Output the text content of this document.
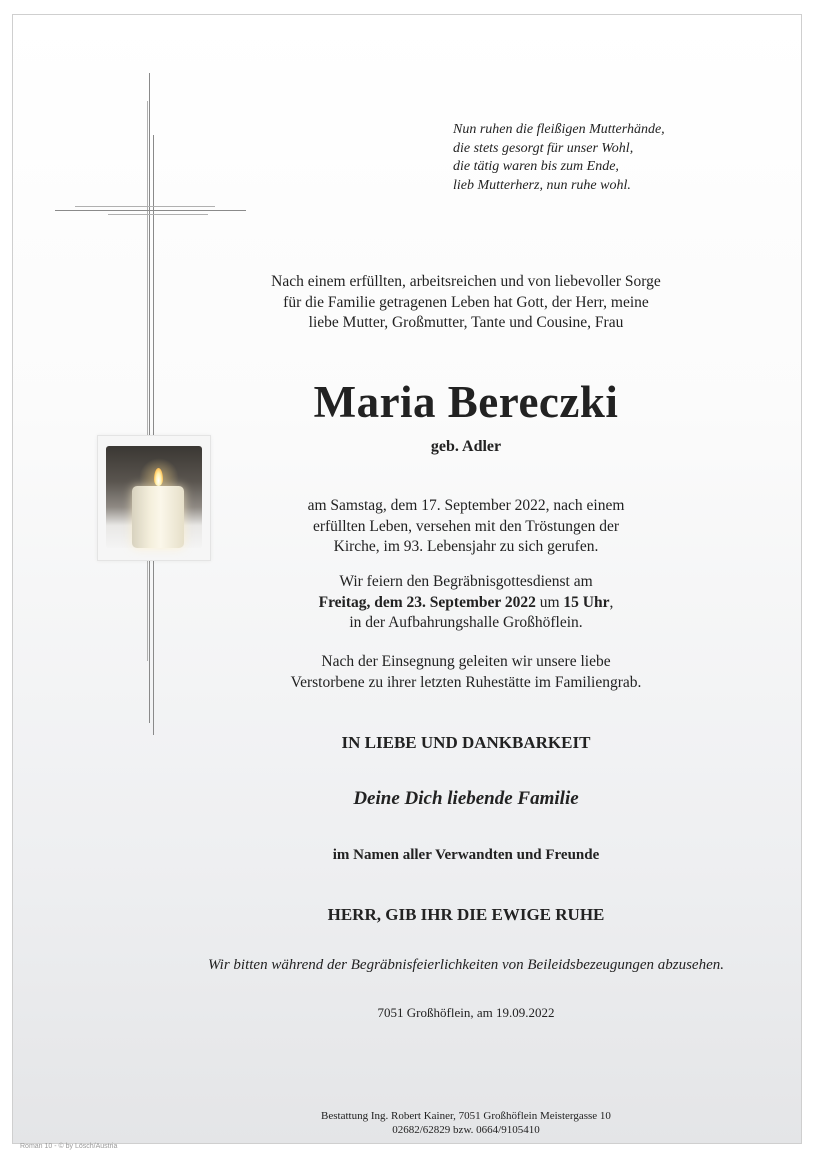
Nun ruhen die fleißigen Mutterhände,
die stets gesorgt für unser Wohl,
die tätig waren bis zum Ende,
lieb Mutterherz, nun ruhe wohl.
Nach einem erfüllten, arbeitsreichen und von liebevoller Sorge
für die Familie getragenen Leben hat Gott, der Herr, meine
liebe Mutter, Großmutter, Tante und Cousine, Frau
Maria Bereczki
geb. Adler
am Samstag, dem 17. September 2022, nach einem
erfüllten Leben, versehen mit den Tröstungen der
Kirche, im 93. Lebensjahr zu sich gerufen.
Wir feiern den Begräbnisgottesdienst am
Freitag, dem 23. September 2022 um 15 Uhr,
in der Aufbahrungshalle Großhöflein.
Nach der Einsegnung geleiten wir unsere liebe
Verstorbene zu ihrer letzten Ruhestätte im Familiengrab.
IN LIEBE UND DANKBARKEIT
Deine Dich liebende Familie
im Namen aller Verwandten und Freunde
HERR, GIB IHR DIE EWIGE RUHE
Wir bitten während der Begräbnisfeierlichkeiten von Beileidsbezeugungen abzusehen.
7051 Großhöflein, am 19.09.2022
Bestattung Ing. Robert Kainer, 7051 Großhöflein Meistergasse 10
02682/62829 bzw. 0664/9105410
Roman 10 - © by Lösch/Austria
